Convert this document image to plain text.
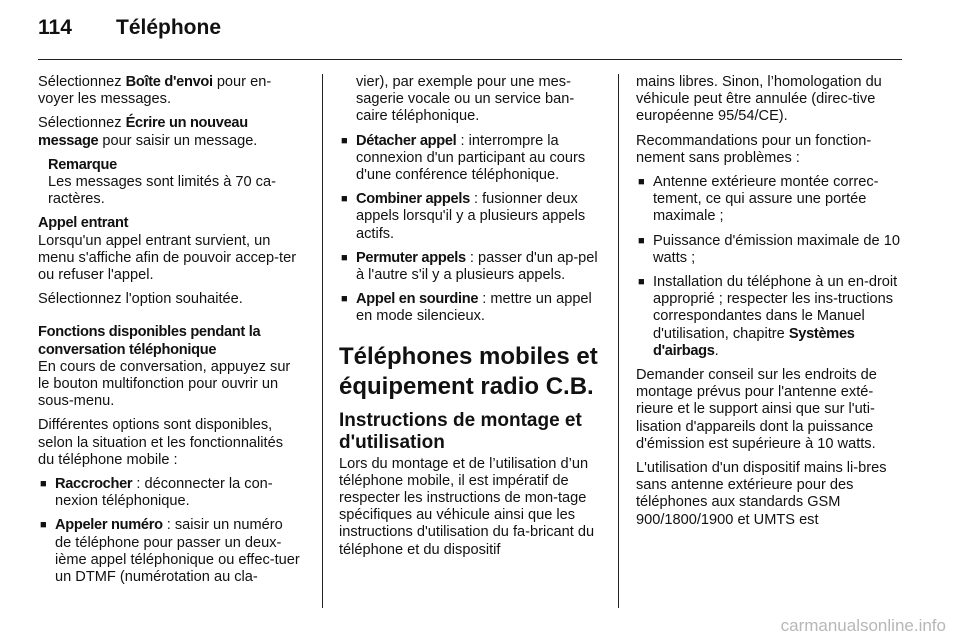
114 Téléphone

Sélectionnez Boîte d'envoi pour en-voyer les messages.

Sélectionnez Écrire un nouveau message pour saisir un message.

Remarque

Les messages sont limités à 70 ca-ractères.

Appel entrant

Lorsqu'un appel entrant survient, un menu s'affiche afin de pouvoir accep-ter ou refuser l'appel.

Sélectionnez l'option souhaitée.

Fonctions disponibles pendant la conversation téléphonique

En cours de conversation, appuyez sur le bouton multifonction pour ouvrir un sous-menu.

Différentes options sont disponibles, selon la situation et les fonctionnalités du téléphone mobile :

■ Raccrocher : déconnecter la con-nexion téléphonique.
■ Appeler numéro : saisir un numéro de téléphone pour passer un deux-ième appel téléphonique ou effec-tuer un DTMF (numérotation au cla-

vier), par exemple pour une mes-sagerie vocale ou un service ban-caire téléphonique.

■ Détacher appel : interrompre la connexion d'un participant au cours d'une conférence téléphonique.
■ Combiner appels : fusionner deux appels lorsqu'il y a plusieurs appels actifs.
■ Permuter appels : passer d'un ap-pel à l'autre s'il y a plusieurs appels.
■ Appel en sourdine : mettre un appel en mode silencieux.
Téléphones mobiles et équipement radio C.B.
Instructions de montage et d'utilisation

Lors du montage et de l’utilisation d’un téléphone mobile, il est impératif de respecter les instructions de mon-tage spécifiques au véhicule ainsi que les instructions d'utilisation du fa-bricant du téléphone et du dispositif

mains libres. Sinon, l’homologation du véhicule peut être annulée (direc-tive européenne 95/54/CE).

Recommandations pour un fonction-nement sans problèmes :

■ Antenne extérieure montée correc-tement, ce qui assure une portée maximale ;
■ Puissance d'émission maximale de 10 watts ;
■ Installation du téléphone à un en-droit approprié ; respecter les ins-tructions correspondantes dans le Manuel d'utilisation, chapitre Systèmes d'airbags.

Demander conseil sur les endroits de montage prévus pour l'antenne exté-rieure et le support ainsi que sur l'uti-lisation d'appareils dont la puissance d'émission est supérieure à 10 watts.

L'utilisation d'un dispositif mains li-bres sans antenne extérieure pour des téléphones aux standards GSM 900/1800/1900 et UMTS est

carmanualsonline.info
